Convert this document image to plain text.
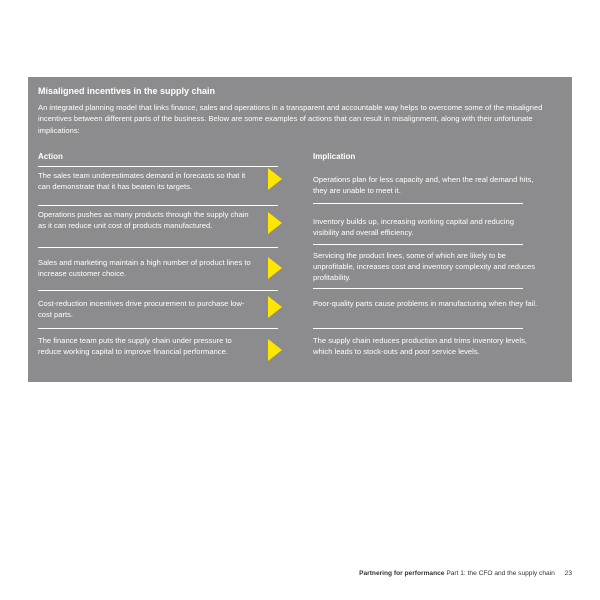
Misaligned incentives in the supply chain
An integrated planning model that links finance, sales and operations in a transparent and accountable way helps to overcome some of the misaligned incentives between different parts of the business. Below are some examples of actions that can result in misalignment, along with their unfortunate implications:
Action	Implication
The sales team underestimates demand in forecasts so that it can demonstrate that it has beaten its targets.
Operations plan for less capacity and, when the real demand hits, they are unable to meet it.
Operations pushes as many products through the supply chain as it can reduce unit cost of products manufactured.	Inventory builds up, increasing working capital and reducing visibility and overall efficiency.
Sales and marketing maintain a high number of product lines to increase customer choice.
Servicing the product lines, some of which are likely to be unprofitable, increases cost and inventory complexity and reduces profitability.
Cost-reduction incentives drive procurement to purchase low-cost parts.
Poor-quality parts cause problems in manufacturing when they fail.
The finance team puts the supply chain under pressure to reduce working capital to improve financial performance.
The supply chain reduces production and trims inventory levels, which leads to stock-outs and poor service levels.
Partnering for performance Part 1: the CFO and the supply chain 23
